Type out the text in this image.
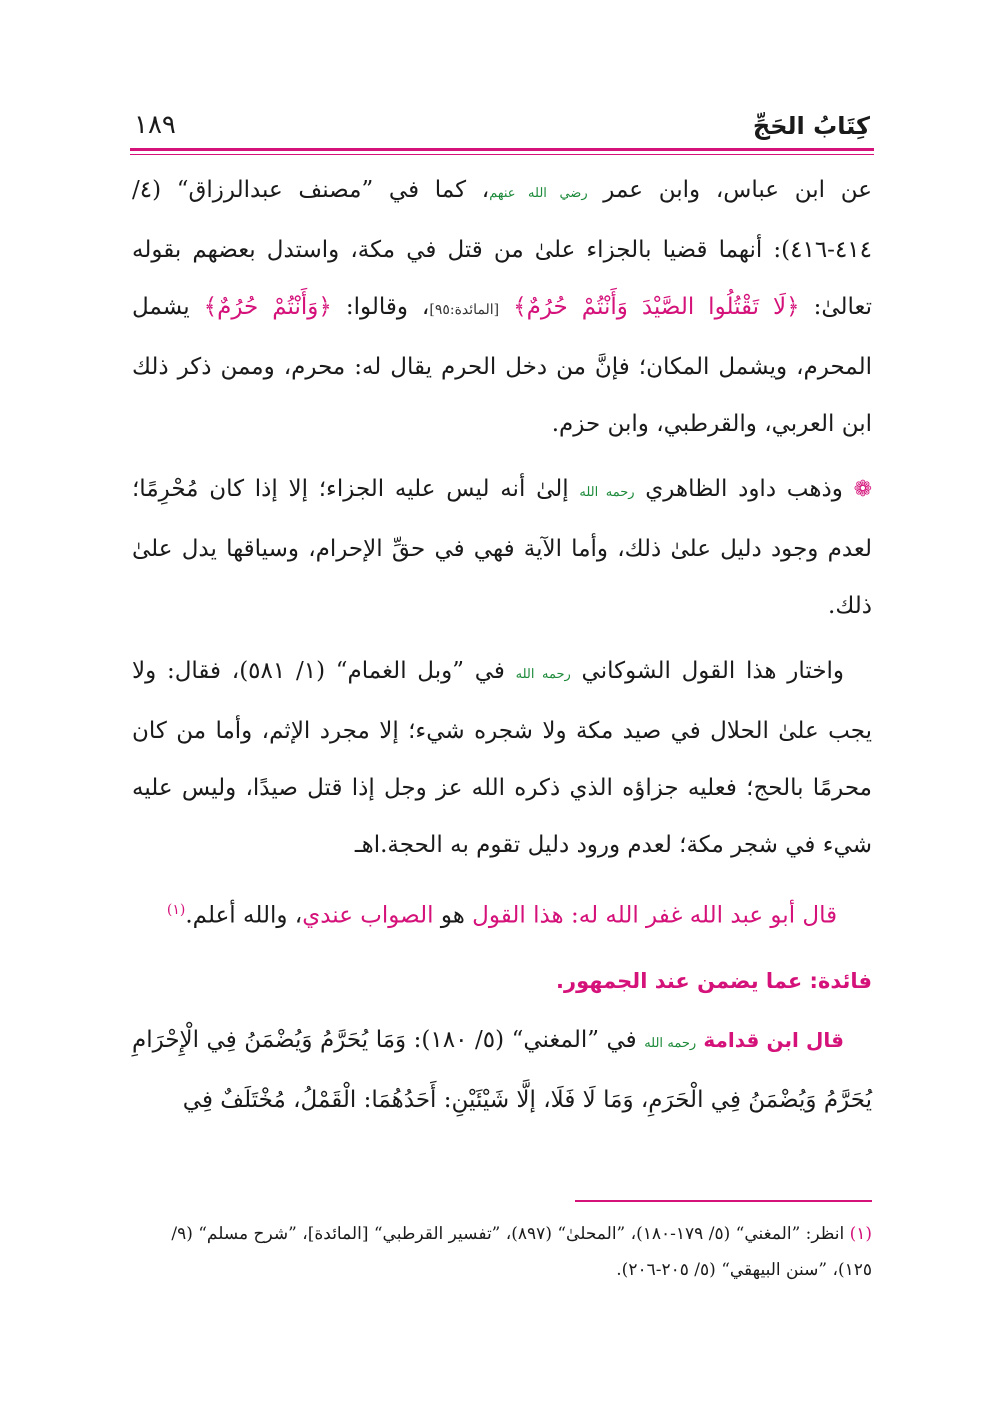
١٨٩	كِتَابُ الحَجِّ

عن ابن عباس، وابن عمر رضي الله عنهم، كما في ”مصنف عبدالرزاق“ (٤/ ٤١٤-٤١٦): أنهما قضيا بالجزاء علىٰ من قتل في مكة، واستدل بعضهم بقوله تعالىٰ: ﴿لَا تَقْتُلُوا الصَّيْدَ وَأَنْتُمْ حُرُمٌ﴾ [المائدة:٩٥]، وقالوا: ﴿وَأَنْتُمْ حُرُمٌ﴾ يشمل المحرم، ويشمل المكان؛ فإنَّ من دخل الحرم يقال له: محرم، وممن ذكر ذلك ابن العربي، والقرطبي، وابن حزم.

❁ وذهب داود الظاهري رحمه الله إلىٰ أنه ليس عليه الجزاء؛ إلا إذا كان مُحْرِمًا؛ لعدم وجود دليل علىٰ ذلك، وأما الآية فهي في حقِّ الإحرام، وسياقها يدل علىٰ ذلك.

واختار هذا القول الشوكاني رحمه الله في ”وبل الغمام“ (١/ ٥٨١)، فقال: ولا يجب علىٰ الحلال في صيد مكة ولا شجره شيء؛ إلا مجرد الإثم، وأما من كان محرمًا بالحج؛ فعليه جزاؤه الذي ذكره الله عز وجل إذا قتل صيدًا، وليس عليه شيء في شجر مكة؛ لعدم ورود دليل تقوم به الحجة.اهـ

قال أبو عبد الله غفر الله له: هذا القول هو الصواب عندي، والله أعلم.$^{(١)}$

فائدة: عما يضمن عند الجمهور.

قال ابن قدامة رحمه الله في ”المغني“ (٥/ ١٨٠): وَمَا يُحَرَّمُ وَيُضْمَنُ فِي الْإِحْرَامِ يُحَرَّمُ وَيُضْمَنُ فِي الْحَرَمِ، وَمَا لَا فَلَا، إلَّا شَيْئَيْنِ: أَحَدُهُمَا: الْقَمْلُ، مُخْتَلَفٌ فِي

(١) انظر: ”المغني“ (٥/ ١٧٩-١٨٠)، ”المحلىٰ“ (٨٩٧)، ”تفسير القرطبي“ [المائدة]، ”شرح مسلم“ (٩/ ١٢٥)، ”سنن البيهقي“ (٥/ ٢٠٥-٢٠٦).
